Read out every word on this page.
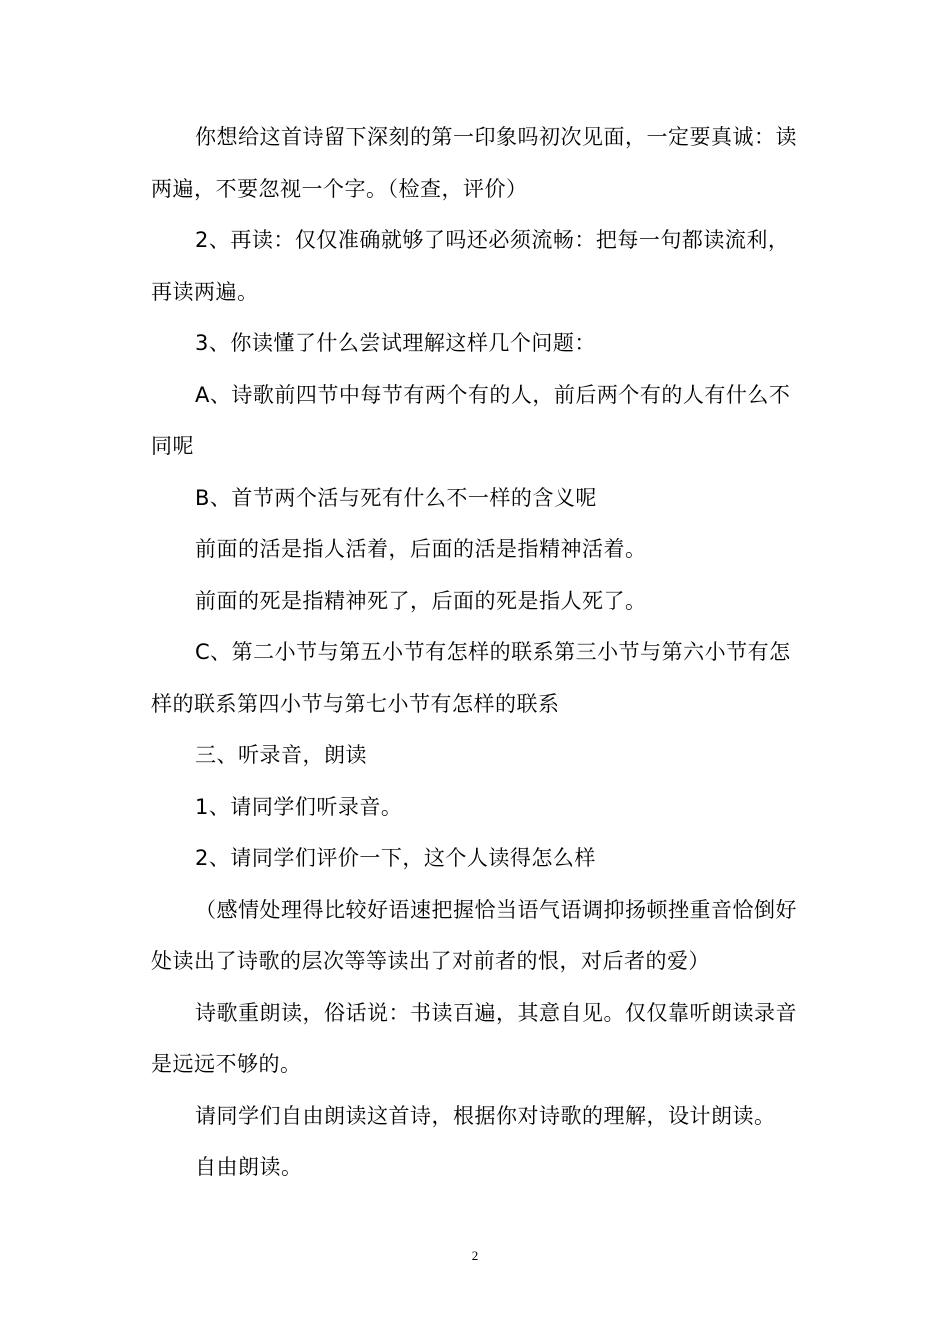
你想给这首诗留下深刻的第一印象吗初次见面，一定要真诚：读两遍，不要忽视一个字。（检查，评价）

2、再读：仅仅准确就够了吗还必须流畅：把每一句都读流利，再读两遍。

3、你读懂了什么尝试理解这样几个问题：

A、诗歌前四节中每节有两个有的人，前后两个有的人有什么不同呢

B、首节两个活与死有什么不一样的含义呢

前面的活是指人活着，后面的活是指精神活着。

前面的死是指精神死了，后面的死是指人死了。

C、第二小节与第五小节有怎样的联系第三小节与第六小节有怎样的联系第四小节与第七小节有怎样的联系

三、听录音，朗读

1、请同学们听录音。

2、请同学们评价一下，这个人读得怎么样

（感情处理得比较好语速把握恰当语气语调抑扬顿挫重音恰倒好处读出了诗歌的层次等等读出了对前者的恨，对后者的爱）

诗歌重朗读，俗话说：书读百遍，其意自见。仅仅靠听朗读录音是远远不够的。

请同学们自由朗读这首诗，根据你对诗歌的理解，设计朗读。

自由朗读。

2
